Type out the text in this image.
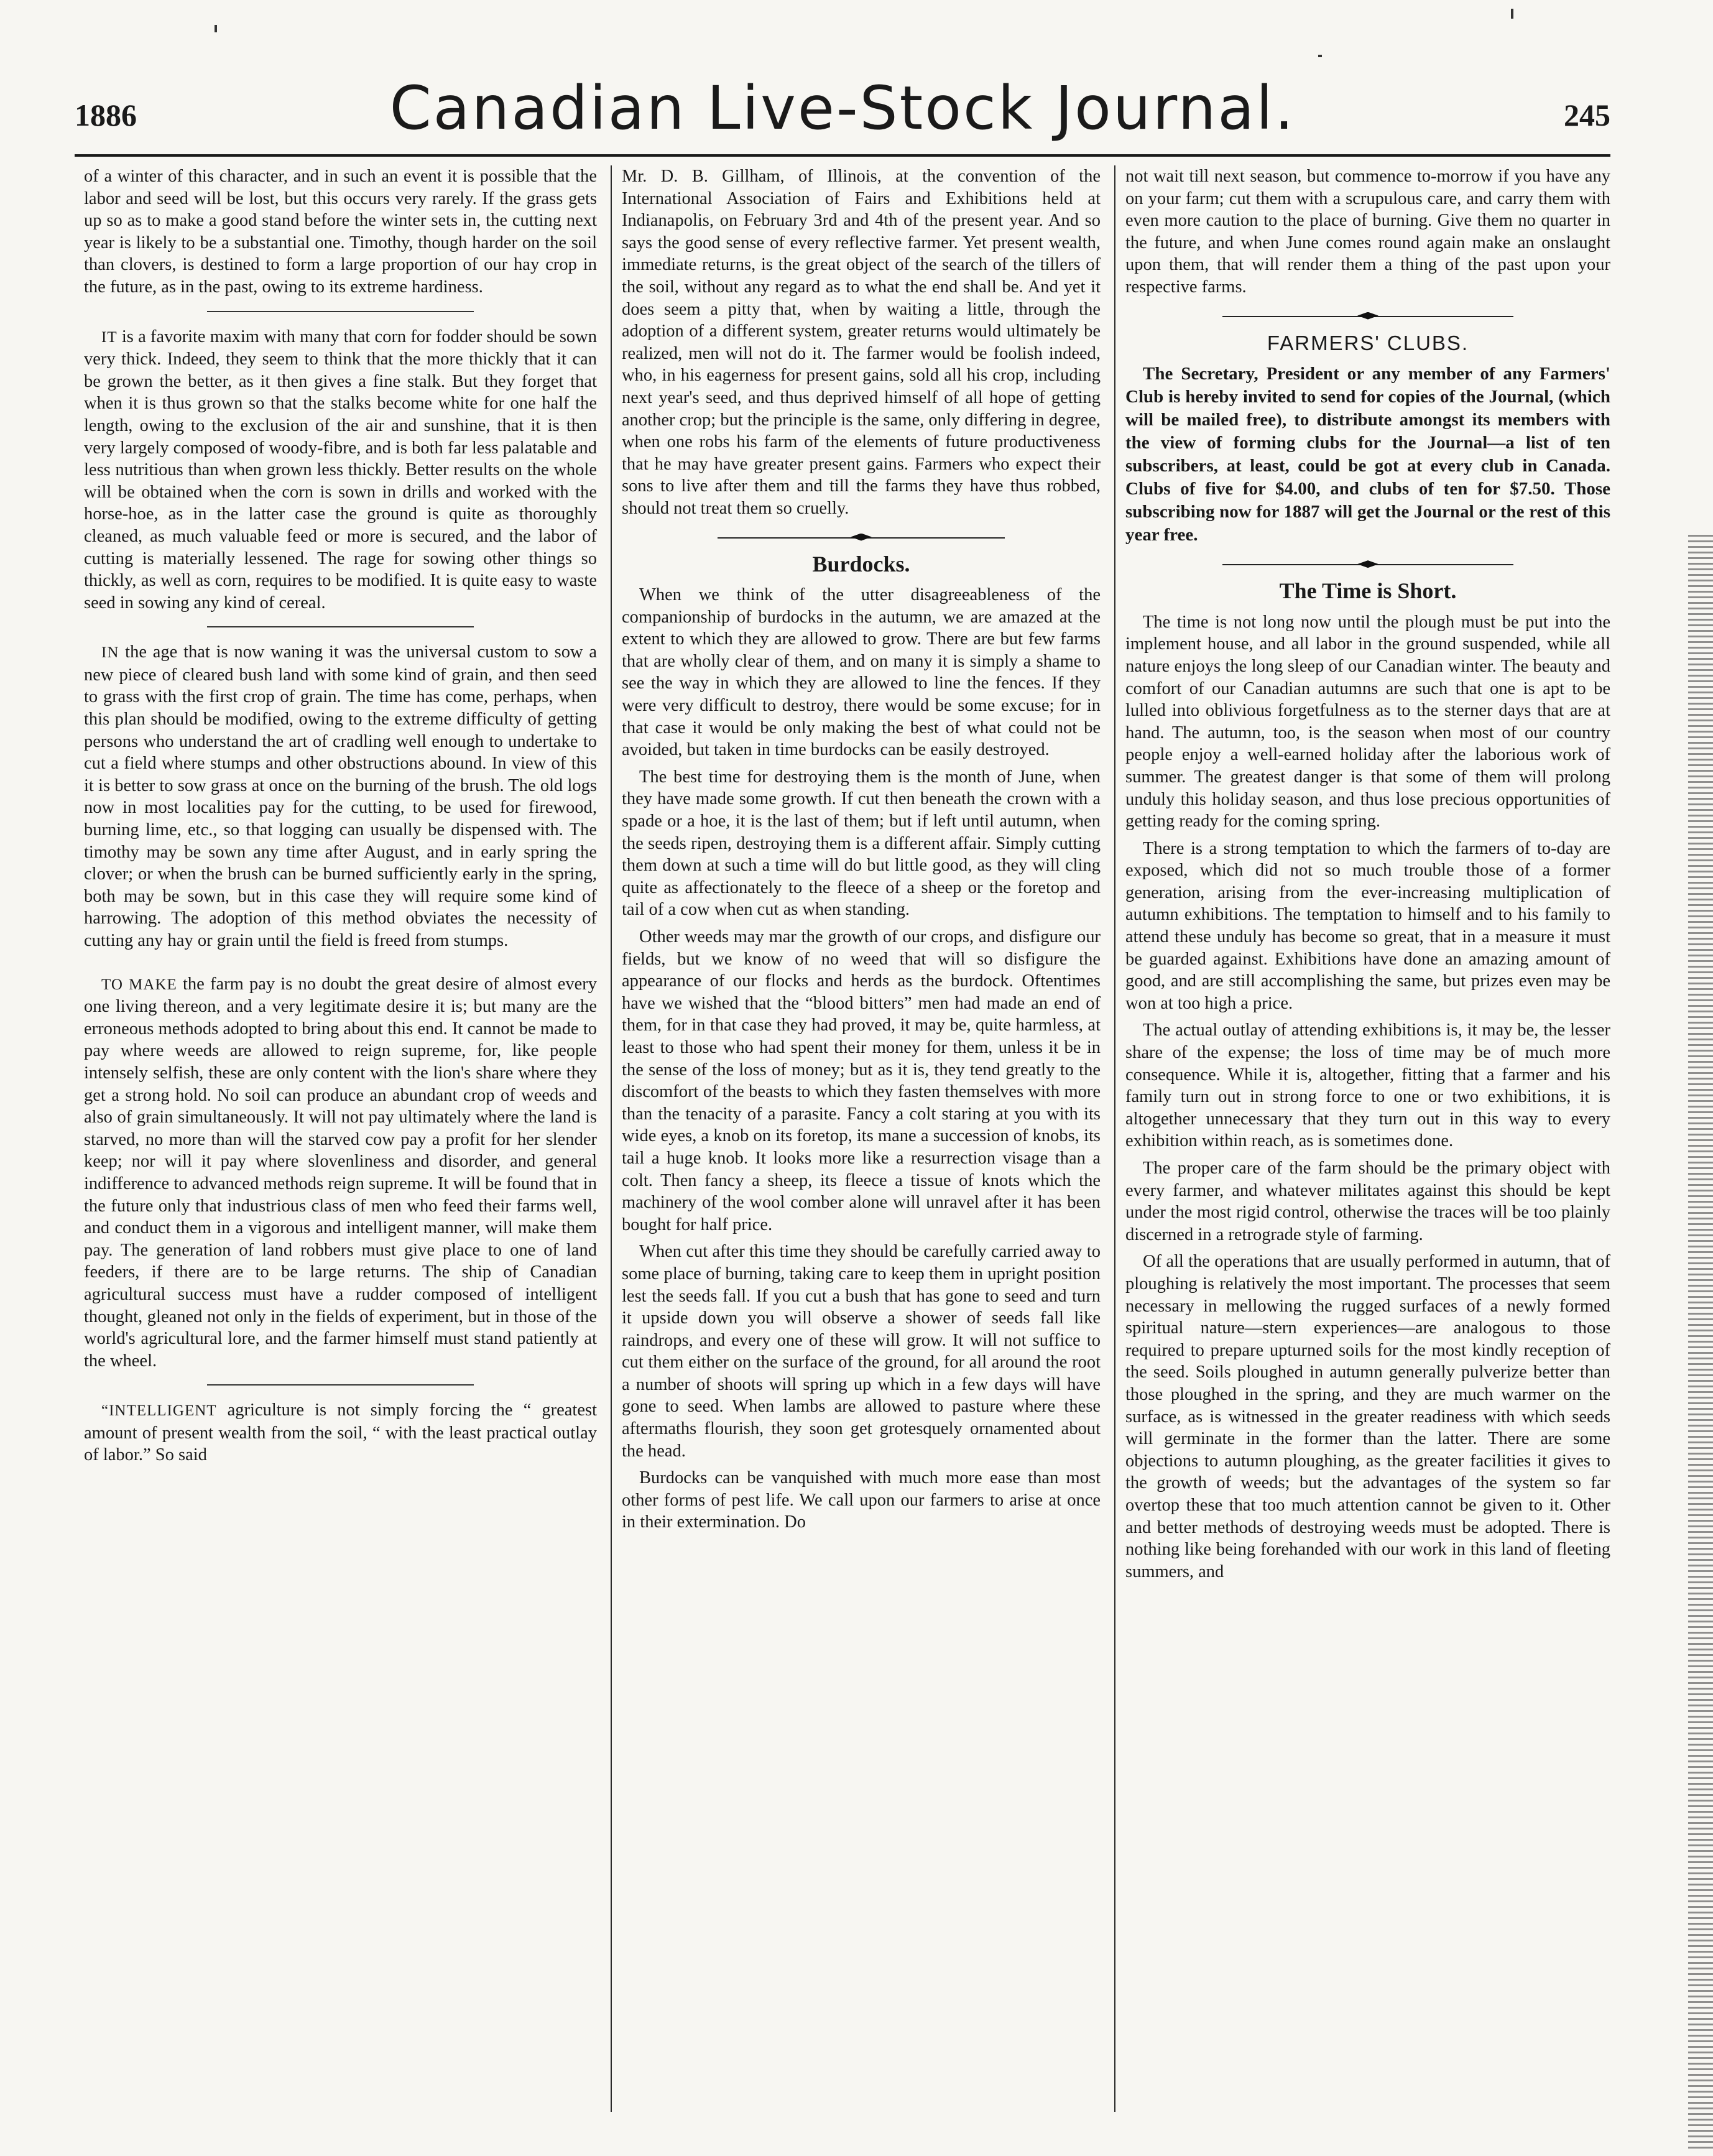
1886	Canadian Live-Stock Journal.	245

of a winter of this character, and in such an event it is possible that the labor and seed will be lost, but this occurs very rarely. If the grass gets up so as to make a good stand before the winter sets in, the cutting next year is likely to be a substantial one. Timothy, though harder on the soil than clovers, is destined to form a large proportion of our hay crop in the future, as in the past, owing to its extreme hardiness.

IT is a favorite maxim with many that corn for fodder should be sown very thick. Indeed, they seem to think that the more thickly that it can be grown the better, as it then gives a fine stalk. But they forget that when it is thus grown so that the stalks become white for one half the length, owing to the exclusion of the air and sunshine, that it is then very largely composed of woody-fibre, and is both far less palatable and less nutritious than when grown less thickly. Better results on the whole will be obtained when the corn is sown in drills and worked with the horse-hoe, as in the latter case the ground is quite as thoroughly cleaned, as much valuable feed or more is secured, and the labor of cutting is materially lessened. The rage for sowing other things so thickly, as well as corn, requires to be modified. It is quite easy to waste seed in sowing any kind of cereal.

IN the age that is now waning it was the universal custom to sow a new piece of cleared bush land with some kind of grain, and then seed to grass with the first crop of grain. The time has come, perhaps, when this plan should be modified, owing to the extreme difficulty of getting persons who understand the art of cradling well enough to undertake to cut a field where stumps and other obstructions abound. In view of this it is better to sow grass at once on the burning of the brush. The old logs now in most localities pay for the cutting, to be used for firewood, burning lime, etc., so that logging can usually be dispensed with. The timothy may be sown any time after August, and in early spring the clover; or when the brush can be burned sufficiently early in the spring, both may be sown, but in this case they will require some kind of harrowing. The adoption of this method obviates the necessity of cutting any hay or grain until the field is freed from stumps.

TO MAKE the farm pay is no doubt the great desire of almost every one living thereon, and a very legitimate desire it is; but many are the erroneous methods adopted to bring about this end. It cannot be made to pay where weeds are allowed to reign supreme, for, like people intensely selfish, these are only content with the lion's share where they get a strong hold. No soil can produce an abundant crop of weeds and also of grain simultaneously. It will not pay ultimately where the land is starved, no more than will the starved cow pay a profit for her slender keep; nor will it pay where slovenliness and disorder, and general indifference to advanced methods reign supreme. It will be found that in the future only that industrious class of men who feed their farms well, and conduct them in a vigorous and intelligent manner, will make them pay. The generation of land robbers must give place to one of land feeders, if there are to be large returns. The ship of Canadian agricultural success must have a rudder composed of intelligent thought, gleaned not only in the fields of experiment, but in those of the world's agricultural lore, and the farmer himself must stand patiently at the wheel.

“INTELLIGENT agriculture is not simply forcing the “ greatest amount of present wealth from the soil, “ with the least practical outlay of labor.” So said

Mr. D. B. Gillham, of Illinois, at the convention of the International Association of Fairs and Exhibitions held at Indianapolis, on February 3rd and 4th of the present year. And so says the good sense of every reflective farmer. Yet present wealth, immediate returns, is the great object of the search of the tillers of the soil, without any regard as to what the end shall be. And yet it does seem a pitty that, when by waiting a little, through the adoption of a different system, greater returns would ultimately be realized, men will not do it. The farmer would be foolish indeed, who, in his eagerness for present gains, sold all his crop, including next year's seed, and thus deprived himself of all hope of getting another crop; but the principle is the same, only differing in degree, when one robs his farm of the elements of future productiveness that he may have greater present gains. Farmers who expect their sons to live after them and till the farms they have thus robbed, should not treat them so cruelly.

Burdocks.

When we think of the utter disagreeableness of the companionship of burdocks in the autumn, we are amazed at the extent to which they are allowed to grow. There are but few farms that are wholly clear of them, and on many it is simply a shame to see the way in which they are allowed to line the fences. If they were very difficult to destroy, there would be some excuse; for in that case it would be only making the best of what could not be avoided, but taken in time burdocks can be easily destroyed.

The best time for destroying them is the month of June, when they have made some growth. If cut then beneath the crown with a spade or a hoe, it is the last of them; but if left until autumn, when the seeds ripen, destroying them is a different affair. Simply cutting them down at such a time will do but little good, as they will cling quite as affectionately to the fleece of a sheep or the foretop and tail of a cow when cut as when standing.

Other weeds may mar the growth of our crops, and disfigure our fields, but we know of no weed that will so disfigure the appearance of our flocks and herds as the burdock. Oftentimes have we wished that the “blood bitters” men had made an end of them, for in that case they had proved, it may be, quite harmless, at least to those who had spent their money for them, unless it be in the sense of the loss of money; but as it is, they tend greatly to the discomfort of the beasts to which they fasten themselves with more than the tenacity of a parasite. Fancy a colt staring at you with its wide eyes, a knob on its foretop, its mane a succession of knobs, its tail a huge knob. It looks more like a resurrection visage than a colt. Then fancy a sheep, its fleece a tissue of knots which the machinery of the wool comber alone will unravel after it has been bought for half price.

When cut after this time they should be carefully carried away to some place of burning, taking care to keep them in upright position lest the seeds fall. If you cut a bush that has gone to seed and turn it upside down you will observe a shower of seeds fall like raindrops, and every one of these will grow. It will not suffice to cut them either on the surface of the ground, for all around the root a number of shoots will spring up which in a few days will have gone to seed. When lambs are allowed to pasture where these aftermaths flourish, they soon get grotesquely ornamented about the head.

Burdocks can be vanquished with much more ease than most other forms of pest life. We call upon our farmers to arise at once in their extermination. Do

not wait till next season, but commence to-morrow if you have any on your farm; cut them with a scrupulous care, and carry them with even more caution to the place of burning. Give them no quarter in the future, and when June comes round again make an onslaught upon them, that will render them a thing of the past upon your respective farms.

FARMERS' CLUBS.

The Secretary, President or any member of any Farmers' Club is hereby invited to send for copies of the Journal, (which will be mailed free), to distribute amongst its members with the view of forming clubs for the Journal—a list of ten subscribers, at least, could be got at every club in Canada. Clubs of five for $4.00, and clubs of ten for $7.50. Those subscribing now for 1887 will get the Journal or the rest of this year free.

The Time is Short.

The time is not long now until the plough must be put into the implement house, and all labor in the ground suspended, while all nature enjoys the long sleep of our Canadian winter. The beauty and comfort of our Canadian autumns are such that one is apt to be lulled into oblivious forgetfulness as to the sterner days that are at hand. The autumn, too, is the season when most of our country people enjoy a well-earned holiday after the laborious work of summer. The greatest danger is that some of them will prolong unduly this holiday season, and thus lose precious opportunities of getting ready for the coming spring.

There is a strong temptation to which the farmers of to-day are exposed, which did not so much trouble those of a former generation, arising from the ever-increasing multiplication of autumn exhibitions. The temptation to himself and to his family to attend these unduly has become so great, that in a measure it must be guarded against. Exhibitions have done an amazing amount of good, and are still accomplishing the same, but prizes even may be won at too high a price.

The actual outlay of attending exhibitions is, it may be, the lesser share of the expense; the loss of time may be of much more consequence. While it is, altogether, fitting that a farmer and his family turn out in strong force to one or two exhibitions, it is altogether unnecessary that they turn out in this way to every exhibition within reach, as is sometimes done.

The proper care of the farm should be the primary object with every farmer, and whatever militates against this should be kept under the most rigid control, otherwise the traces will be too plainly discerned in a retrograde style of farming.

Of all the operations that are usually performed in autumn, that of ploughing is relatively the most important. The processes that seem necessary in mellowing the rugged surfaces of a newly formed spiritual nature—stern experiences—are analogous to those required to prepare upturned soils for the most kindly reception of the seed. Soils ploughed in autumn generally pulverize better than those ploughed in the spring, and they are much warmer on the surface, as is witnessed in the greater readiness with which seeds will germinate in the former than the latter. There are some objections to autumn ploughing, as the greater facilities it gives to the growth of weeds; but the advantages of the system so far overtop these that too much attention cannot be given to it. Other and better methods of destroying weeds must be adopted. There is nothing like being forehanded with our work in this land of fleeting summers, and
